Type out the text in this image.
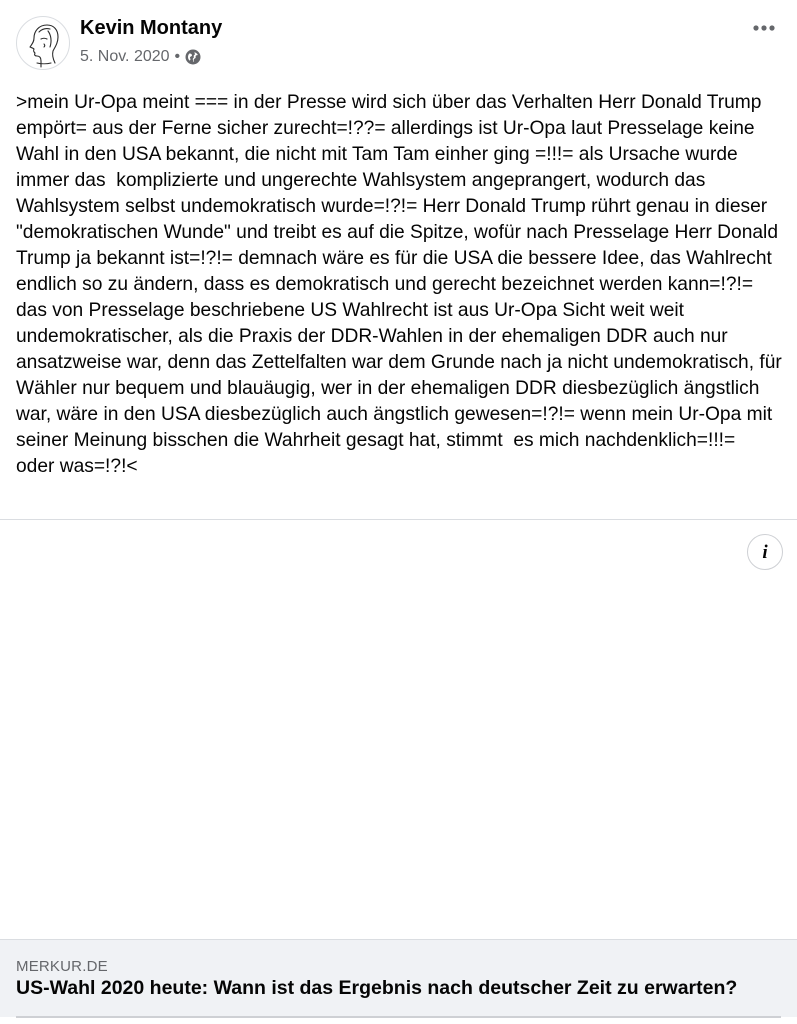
Kevin Montany
5. Nov. 2020 •

>mein Ur-Opa meint === in der Presse wird sich über das Verhalten Herr Donald Trump empört= aus der Ferne sicher zurecht=!??= allerdings ist Ur-Opa laut Presselage keine Wahl in den USA bekannt, die nicht mit Tam Tam einher ging =!!!= als Ursache wurde immer das  komplizierte und ungerechte Wahlsystem angeprangert, wodurch das Wahlsystem selbst undemokratisch wurde=!?!= Herr Donald Trump rührt genau in dieser "demokratischen Wunde" und treibt es auf die Spitze, wofür nach Presselage Herr Donald  Trump ja bekannt ist=!?!= demnach wäre es für die USA die bessere Idee, das Wahlrecht endlich so zu ändern, dass es demokratisch und gerecht bezeichnet werden kann=!?!= das von Presselage beschriebene US Wahlrecht ist aus Ur-Opa Sicht weit weit undemokratischer, als die Praxis der DDR-Wahlen in der ehemaligen DDR auch nur ansatzweise war, denn das Zettelfalten war dem Grunde nach ja nicht undemokratisch, für Wähler nur bequem und blauäugig, wer in der ehemaligen DDR diesbezüglich ängstlich war, wäre in den USA diesbezüglich auch ängstlich gewesen=!?!= wenn mein Ur-Opa mit seiner Meinung bisschen die Wahrheit gesagt hat, stimmt  es mich nachdenklich=!!!=   oder was=!?!<

i
MERKUR.DE
US-Wahl 2020 heute: Wann ist das Ergebnis nach deutscher Zeit zu erwarten?
